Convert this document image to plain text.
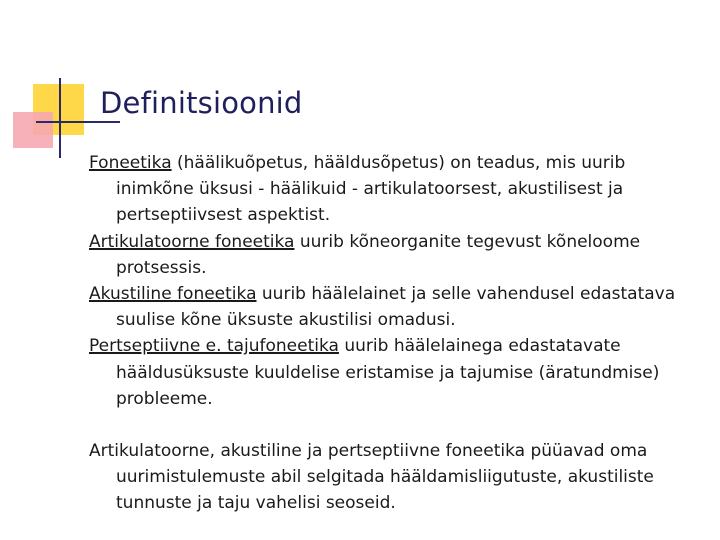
Definitsioonid

Foneetika (häälikuõpetus, hääldusõpetus) on teadus, mis uurib inimkõne üksusi - häälikuid - artikulatoorsest, akustilisest ja pertseptiivsest aspektist.

Artikulatoorne foneetika uurib kõneorganite tegevust kõneloome protsessis.

Akustiline foneetika uurib häälelainet ja selle vahendusel edastatava suulise kõne üksuste akustilisi omadusi.

Pertseptiivne e. tajufoneetika uurib häälelainega edastatavate hääldusüksuste kuuldelise eristamise ja tajumise (äratundmise) probleeme.

Artikulatoorne, akustiline ja pertseptiivne foneetika püüavad oma uurimistulemuste abil selgitada hääldamisliigutuste, akustiliste tunnuste ja taju vahelisi seoseid.
